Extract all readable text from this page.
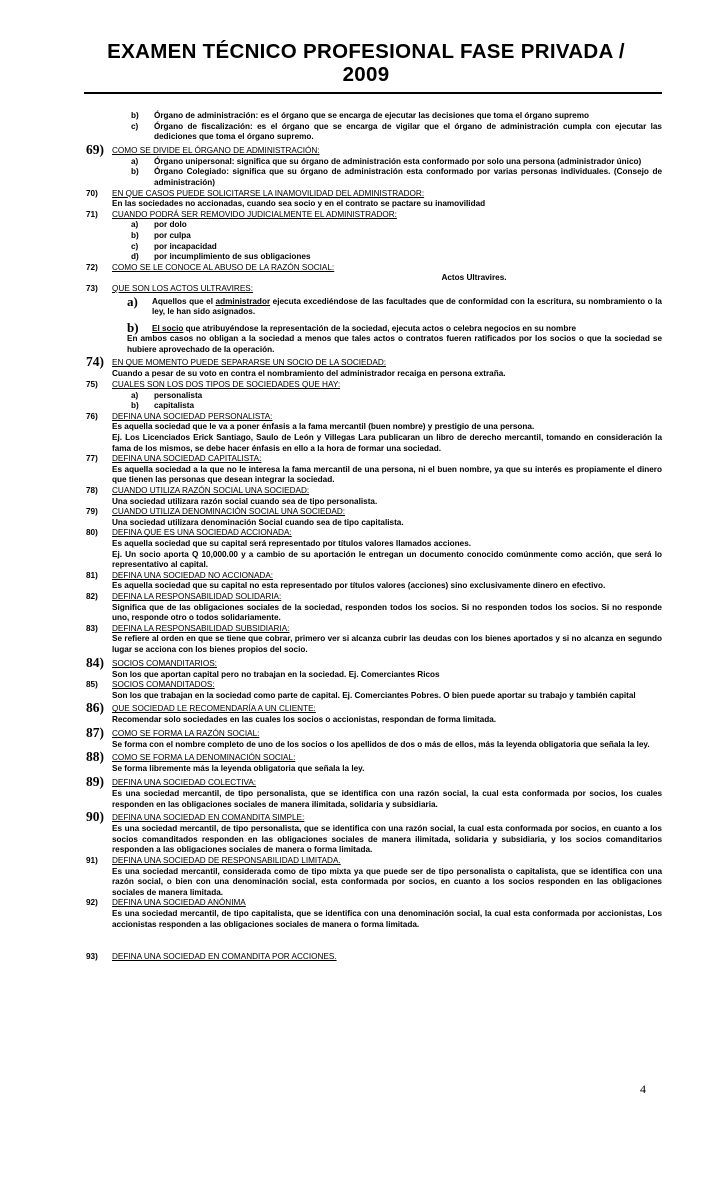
EXAMEN TÉCNICO PROFESIONAL FASE PRIVADA / 2009
b) Órgano de administración: es el órgano que se encarga de ejecutar las decisiones que toma el órgano supremo
c) Órgano de fiscalización: es el órgano que se encarga de vigilar que el órgano de administración cumpla con ejecutar las dediciones que toma el órgano supremo.
69) COMO SE DIVIDE EL ÓRGANO DE ADMINISTRACIÓN:
a) Órgano unipersonal: significa que su órgano de administración esta conformado por solo una persona (administrador único)
b) Órgano Colegiado: significa que su órgano de administración esta conformado por varias personas individuales. (Consejo de administración)
70) EN QUE CASOS PUEDE SOLICITARSE LA INAMOVILIDAD DEL ADMINISTRADOR:
En las sociedades no accionadas, cuando sea socio y en el contrato se pactare su inamovilidad
71) CUANDO PODRÁ SER REMOVIDO JUDICIALMENTE EL ADMINISTRADOR:
a) por dolo
b) por culpa
c) por incapacidad
d) por incumplimiento de sus obligaciones
72) COMO SE LE CONOCE AL ABUSO DE LA RAZÓN SOCIAL:
Actos Ultravires.
73) QUE SON LOS ACTOS ULTRAVIRES:
a) Aquellos que el administrador ejecuta excediéndose de las facultades que de conformidad con la escritura, su nombramiento o la ley, le han sido asignados.
b) El socio que atribuyéndose la representación de la sociedad, ejecuta actos o celebra negocios en su nombre
En ambos casos no obligan a la sociedad a menos que tales actos o contratos fueren ratificados por los socios o que la sociedad se hubiere aprovechado de la operación.
74) EN QUE MOMENTO PUEDE SEPARARSE UN SOCIO DE LA SOCIEDAD:
Cuando a pesar de su voto en contra el nombramiento del administrador recaiga en persona extraña.
75) CUALES SON LOS DOS TIPOS DE SOCIEDADES QUE HAY:
a) personalista
b) capitalista
76) DEFINA UNA SOCIEDAD PERSONALISTA:
Es aquella sociedad que le va a poner énfasis a la fama mercantil (buen nombre) y prestigio de una persona.
Ej. Los Licenciados Erick Santiago, Saulo de León y Villegas Lara publicaran un libro de derecho mercantil, tomando en consideración la fama de los mismos, se debe hacer énfasis en ello a la hora de formar una sociedad.
77) DEFINA UNA SOCIEDAD CAPITALISTA:
Es aquella sociedad a la que no le interesa la fama mercantil de una persona, ni el buen nombre, ya que su interés es propiamente el dinero que tienen las personas que desean integrar la sociedad.
78) CUANDO UTILIZA RAZÓN SOCIAL UNA SOCIEDAD:
Una sociedad utilizara razón social cuando sea de tipo personalista.
79) CUANDO UTILIZA DENOMINACIÓN SOCIAL UNA SOCIEDAD:
Una sociedad utilizara denominación Social cuando sea de tipo capitalista.
80) DEFINA QUE ES UNA SOCIEDAD ACCIONADA:
Es aquella sociedad que su capital será representado por títulos valores llamados acciones.
Ej. Un socio aporta Q 10,000.00 y a cambio de su aportación le entregan un documento conocido comúnmente como acción, que será lo representativo al capital.
81) DEFINA UNA SOCIEDAD NO ACCIONADA:
Es aquella sociedad que su capital no esta representado por títulos valores (acciones) sino exclusivamente dinero en efectivo.
82) DEFINA LA RESPONSABILIDAD SOLIDARIA:
Significa que de las obligaciones sociales de la sociedad, responden todos los socios. Si no responden todos los socios. Si no responde uno, responde otro o todos solidariamente.
83) DEFINA LA RESPONSABILIDAD SUBSIDIARIA:
Se refiere al orden en que se tiene que cobrar, primero ver si alcanza cubrir las deudas con los bienes aportados y si no alcanza en segundo lugar se acciona con los bienes propios del socio.
84) SOCIOS COMANDITARIOS:
Son los que aportan capital pero no trabajan en la sociedad. Ej. Comerciantes Ricos
85) SOCIOS COMANDITADOS:
Son los que trabajan en la sociedad como parte de capital. Ej. Comerciantes Pobres. O bien puede aportar su trabajo y también capital
86) QUE SOCIEDAD LE RECOMENDARÍA A UN CLIENTE:
Recomendar solo sociedades en las cuales los socios o accionistas, respondan de forma limitada.
87) COMO SE FORMA LA RAZÓN SOCIAL:
Se forma con el nombre completo de uno de los socios o los apellidos de dos o más de ellos, más la leyenda obligatoria que señala la ley.
88) COMO SE FORMA LA DENOMINACIÓN SOCIAL:
Se forma libremente más la leyenda obligatoria que señala la ley.
89) DEFINA UNA SOCIEDAD COLECTIVA:
Es una sociedad mercantil, de tipo personalista, que se identifica con una razón social, la cual esta conformada por socios, los cuales responden en las obligaciones sociales de manera ilimitada, solidaria y subsidiaria.
90) DEFINA UNA SOCIEDAD EN COMANDITA SIMPLE:
Es una sociedad mercantil, de tipo personalista, que se identifica con una razón social, la cual esta conformada por socios, en cuanto a los socios comanditados responden en las obligaciones sociales de manera ilimitada, solidaria y subsidiaria, y los socios comanditarios responden a las obligaciones sociales de manera o forma limitada.
91) DEFINA UNA SOCIEDAD DE RESPONSABILIDAD LIMITADA.
Es una sociedad mercantil, considerada como de tipo mixta ya que puede ser de tipo personalista o capitalista, que se identifica con una razón social, o bien con una denominación social, esta conformada por socios, en cuanto a los socios responden en las obligaciones sociales de manera limitada.
92) DEFINA UNA SOCIEDAD ANÓNIMA
Es una sociedad mercantil, de tipo capitalista, que se identifica con una denominación social, la cual esta conformada por accionistas, Los accionistas responden a las obligaciones sociales de manera o forma limitada.
93) DEFINA UNA SOCIEDAD EN COMANDITA POR ACCIONES.
4
